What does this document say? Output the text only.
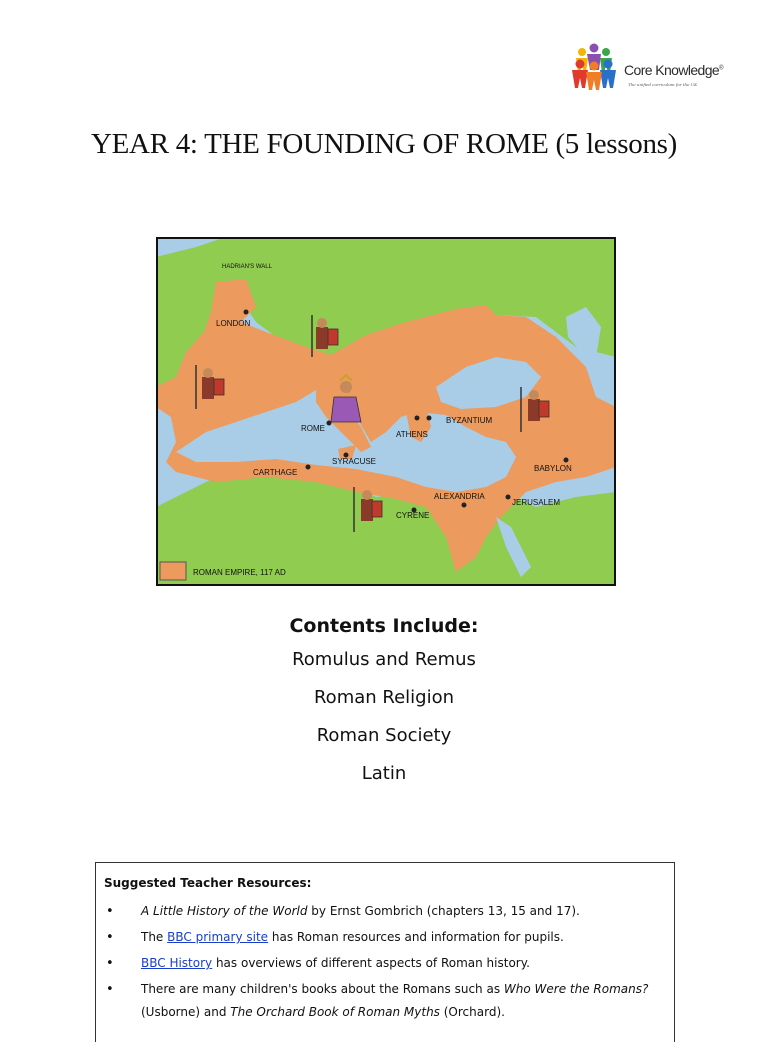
Core Knowledge®
The unified curriculum for the UK
YEAR 4: THE FOUNDING OF ROME (5 lessons)
HADRIAN'S WALL
LONDON
ROME
ATHENS
BYZANTIUM
SYRACUSE
CARTHAGE	BABYLON
ALEXANDRIA
JERUSALEM
CYRENE
ROMAN EMPIRE, 117 AD

Contents Include:

Romulus and Remus
Roman Religion
Roman Society
Latin

Suggested Teacher Resources:

• A Little History of the World by Ernst Gombrich (chapters 13, 15 and 17).
• The BBC primary site has Roman resources and information for pupils.
• BBC History has overviews of different aspects of Roman history.
• There are many children's books about the Romans such as Who Were the Romans? (Usborne) and The Orchard Book of Roman Myths (Orchard).
